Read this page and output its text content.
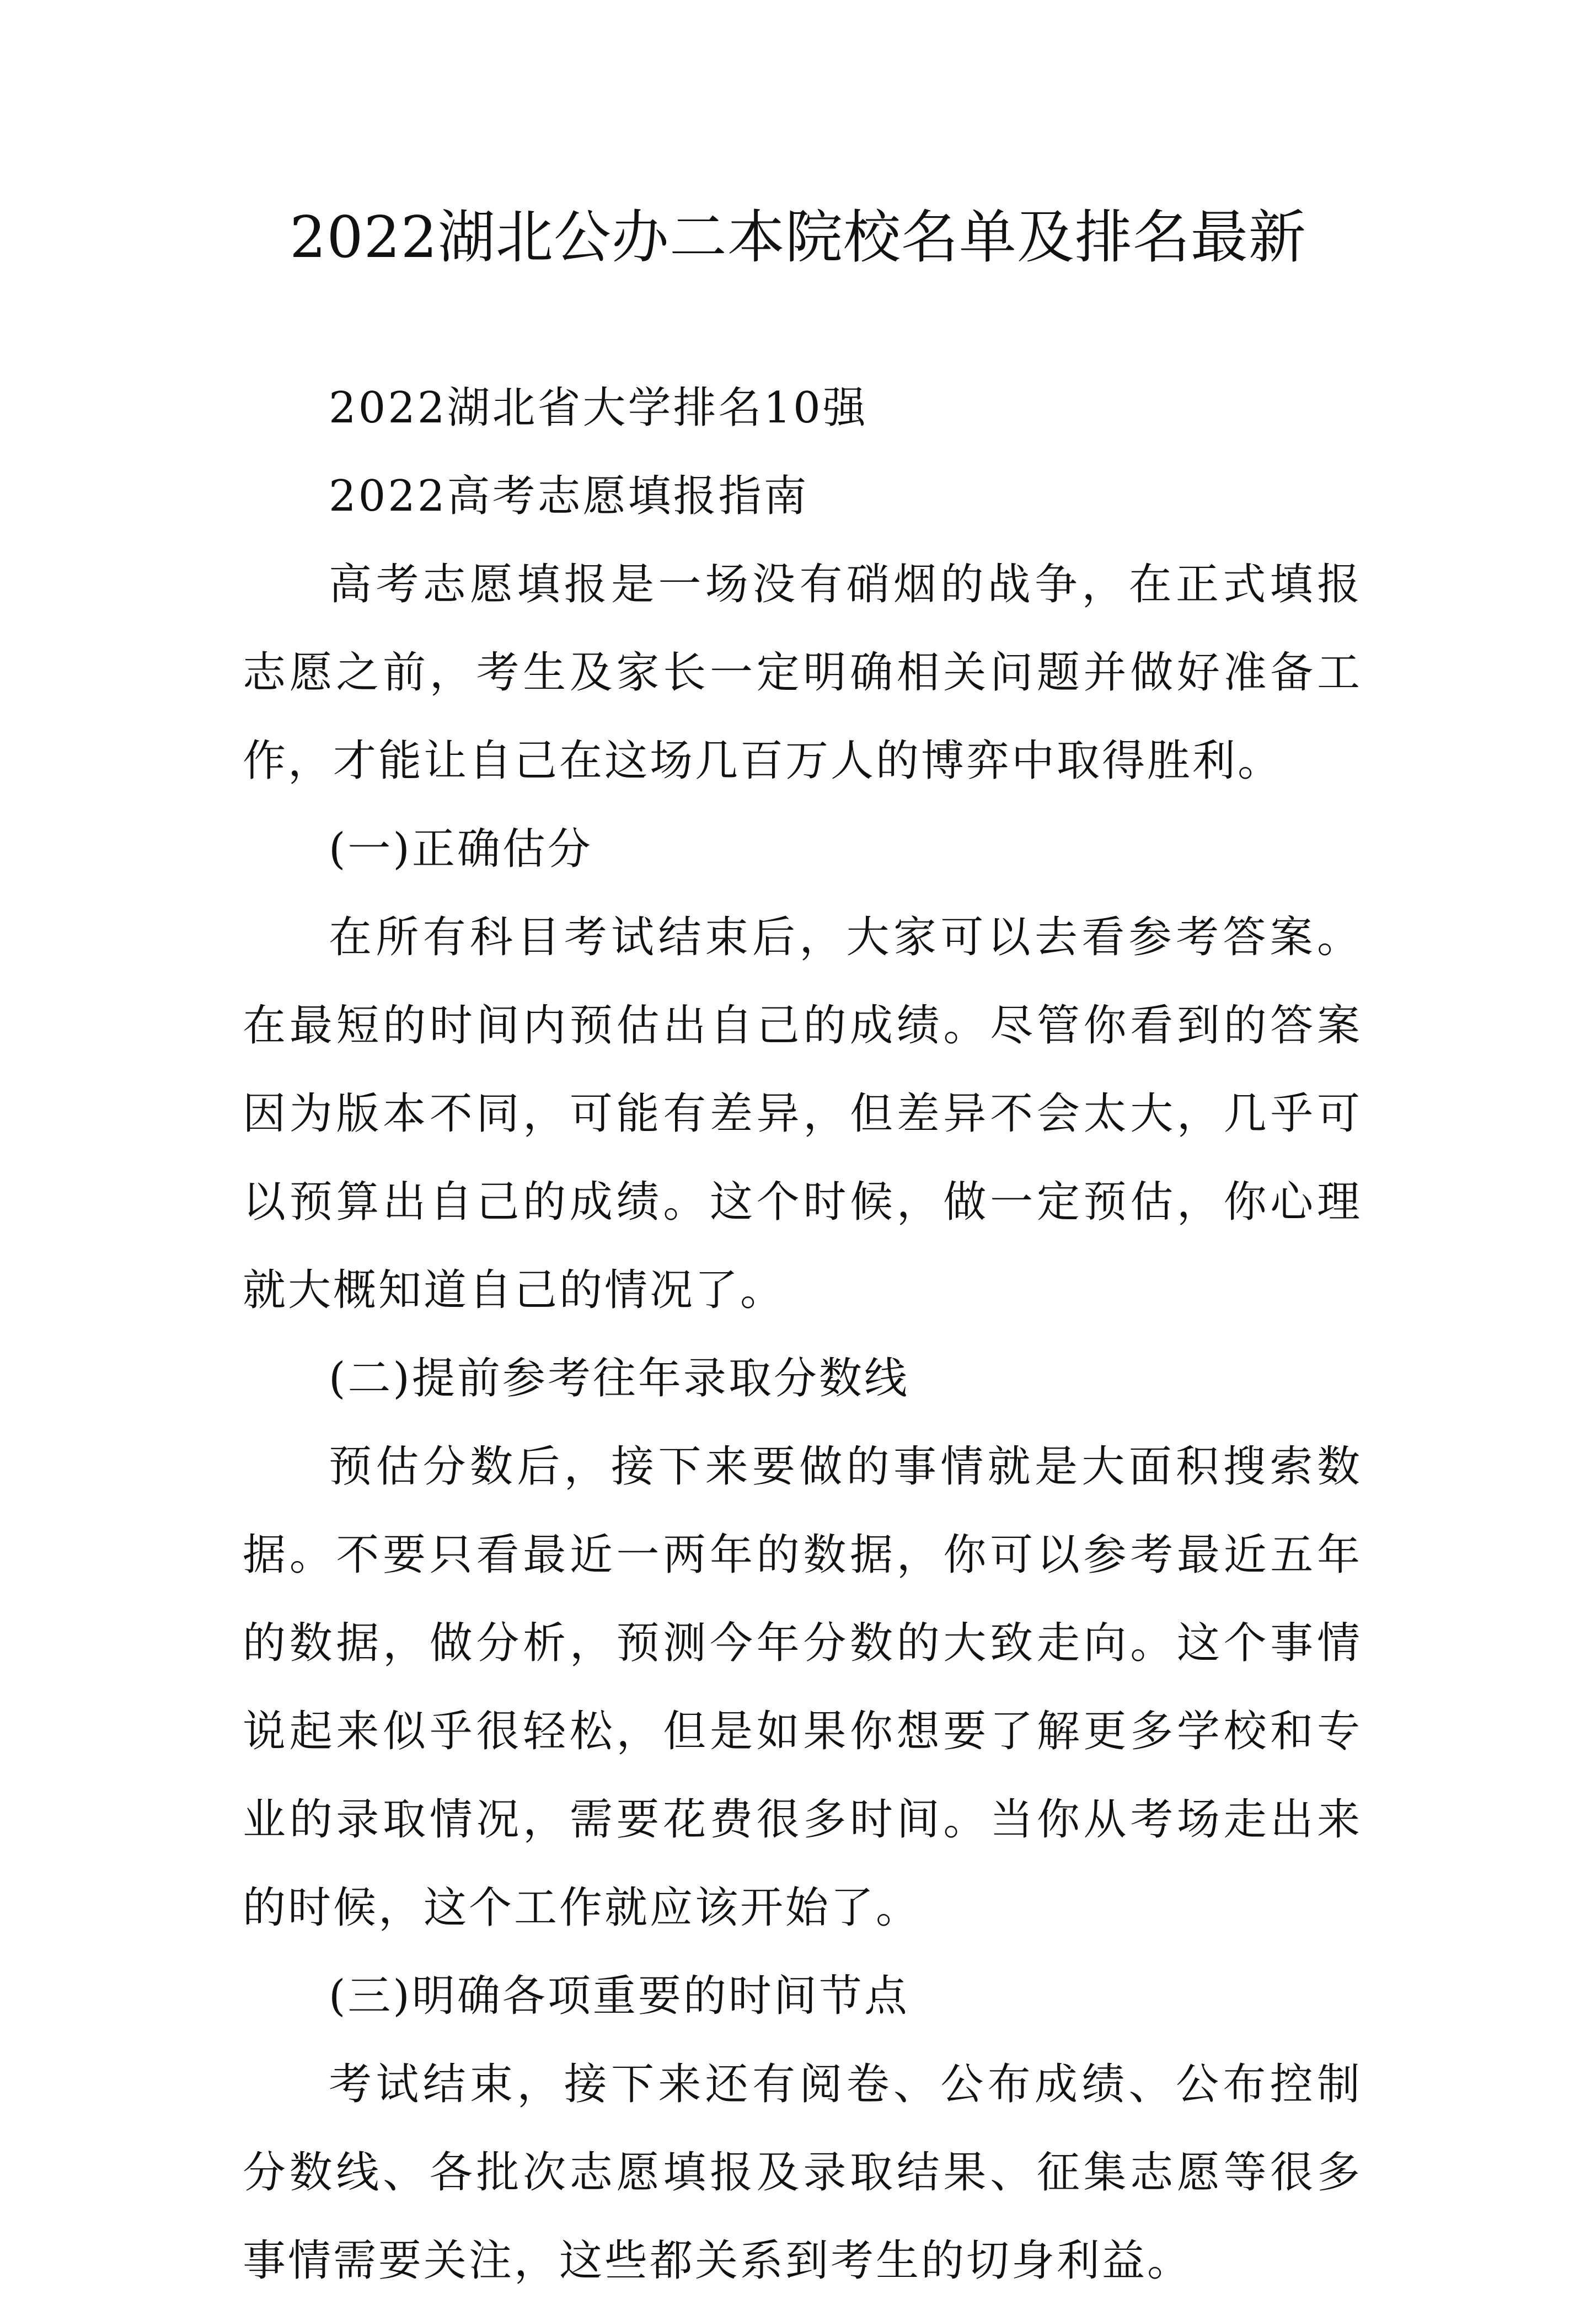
2022湖北公办二本院校名单及排名最新

2022湖北省大学排名10强

2022高考志愿填报指南

高考志愿填报是一场没有硝烟的战争，在正式填报志愿之前，考生及家长一定明确相关问题并做好准备工作，才能让自己在这场几百万人的博弈中取得胜利。

(一)正确估分

在所有科目考试结束后，大家可以去看参考答案。在最短的时间内预估出自己的成绩。尽管你看到的答案因为版本不同，可能有差异，但差异不会太大，几乎可以预算出自己的成绩。这个时候，做一定预估，你心理就大概知道自己的情况了。

(二)提前参考往年录取分数线

预估分数后，接下来要做的事情就是大面积搜索数据。不要只看最近一两年的数据，你可以参考最近五年的数据，做分析，预测今年分数的大致走向。这个事情说起来似乎很轻松，但是如果你想要了解更多学校和专业的录取情况，需要花费很多时间。当你从考场走出来的时候，这个工作就应该开始了。

(三)明确各项重要的时间节点

考试结束，接下来还有阅卷、公布成绩、公布控制分数线、各批次志愿填报及录取结果、征集志愿等很多事情需要关注，这些都关系到考生的切身利益。
